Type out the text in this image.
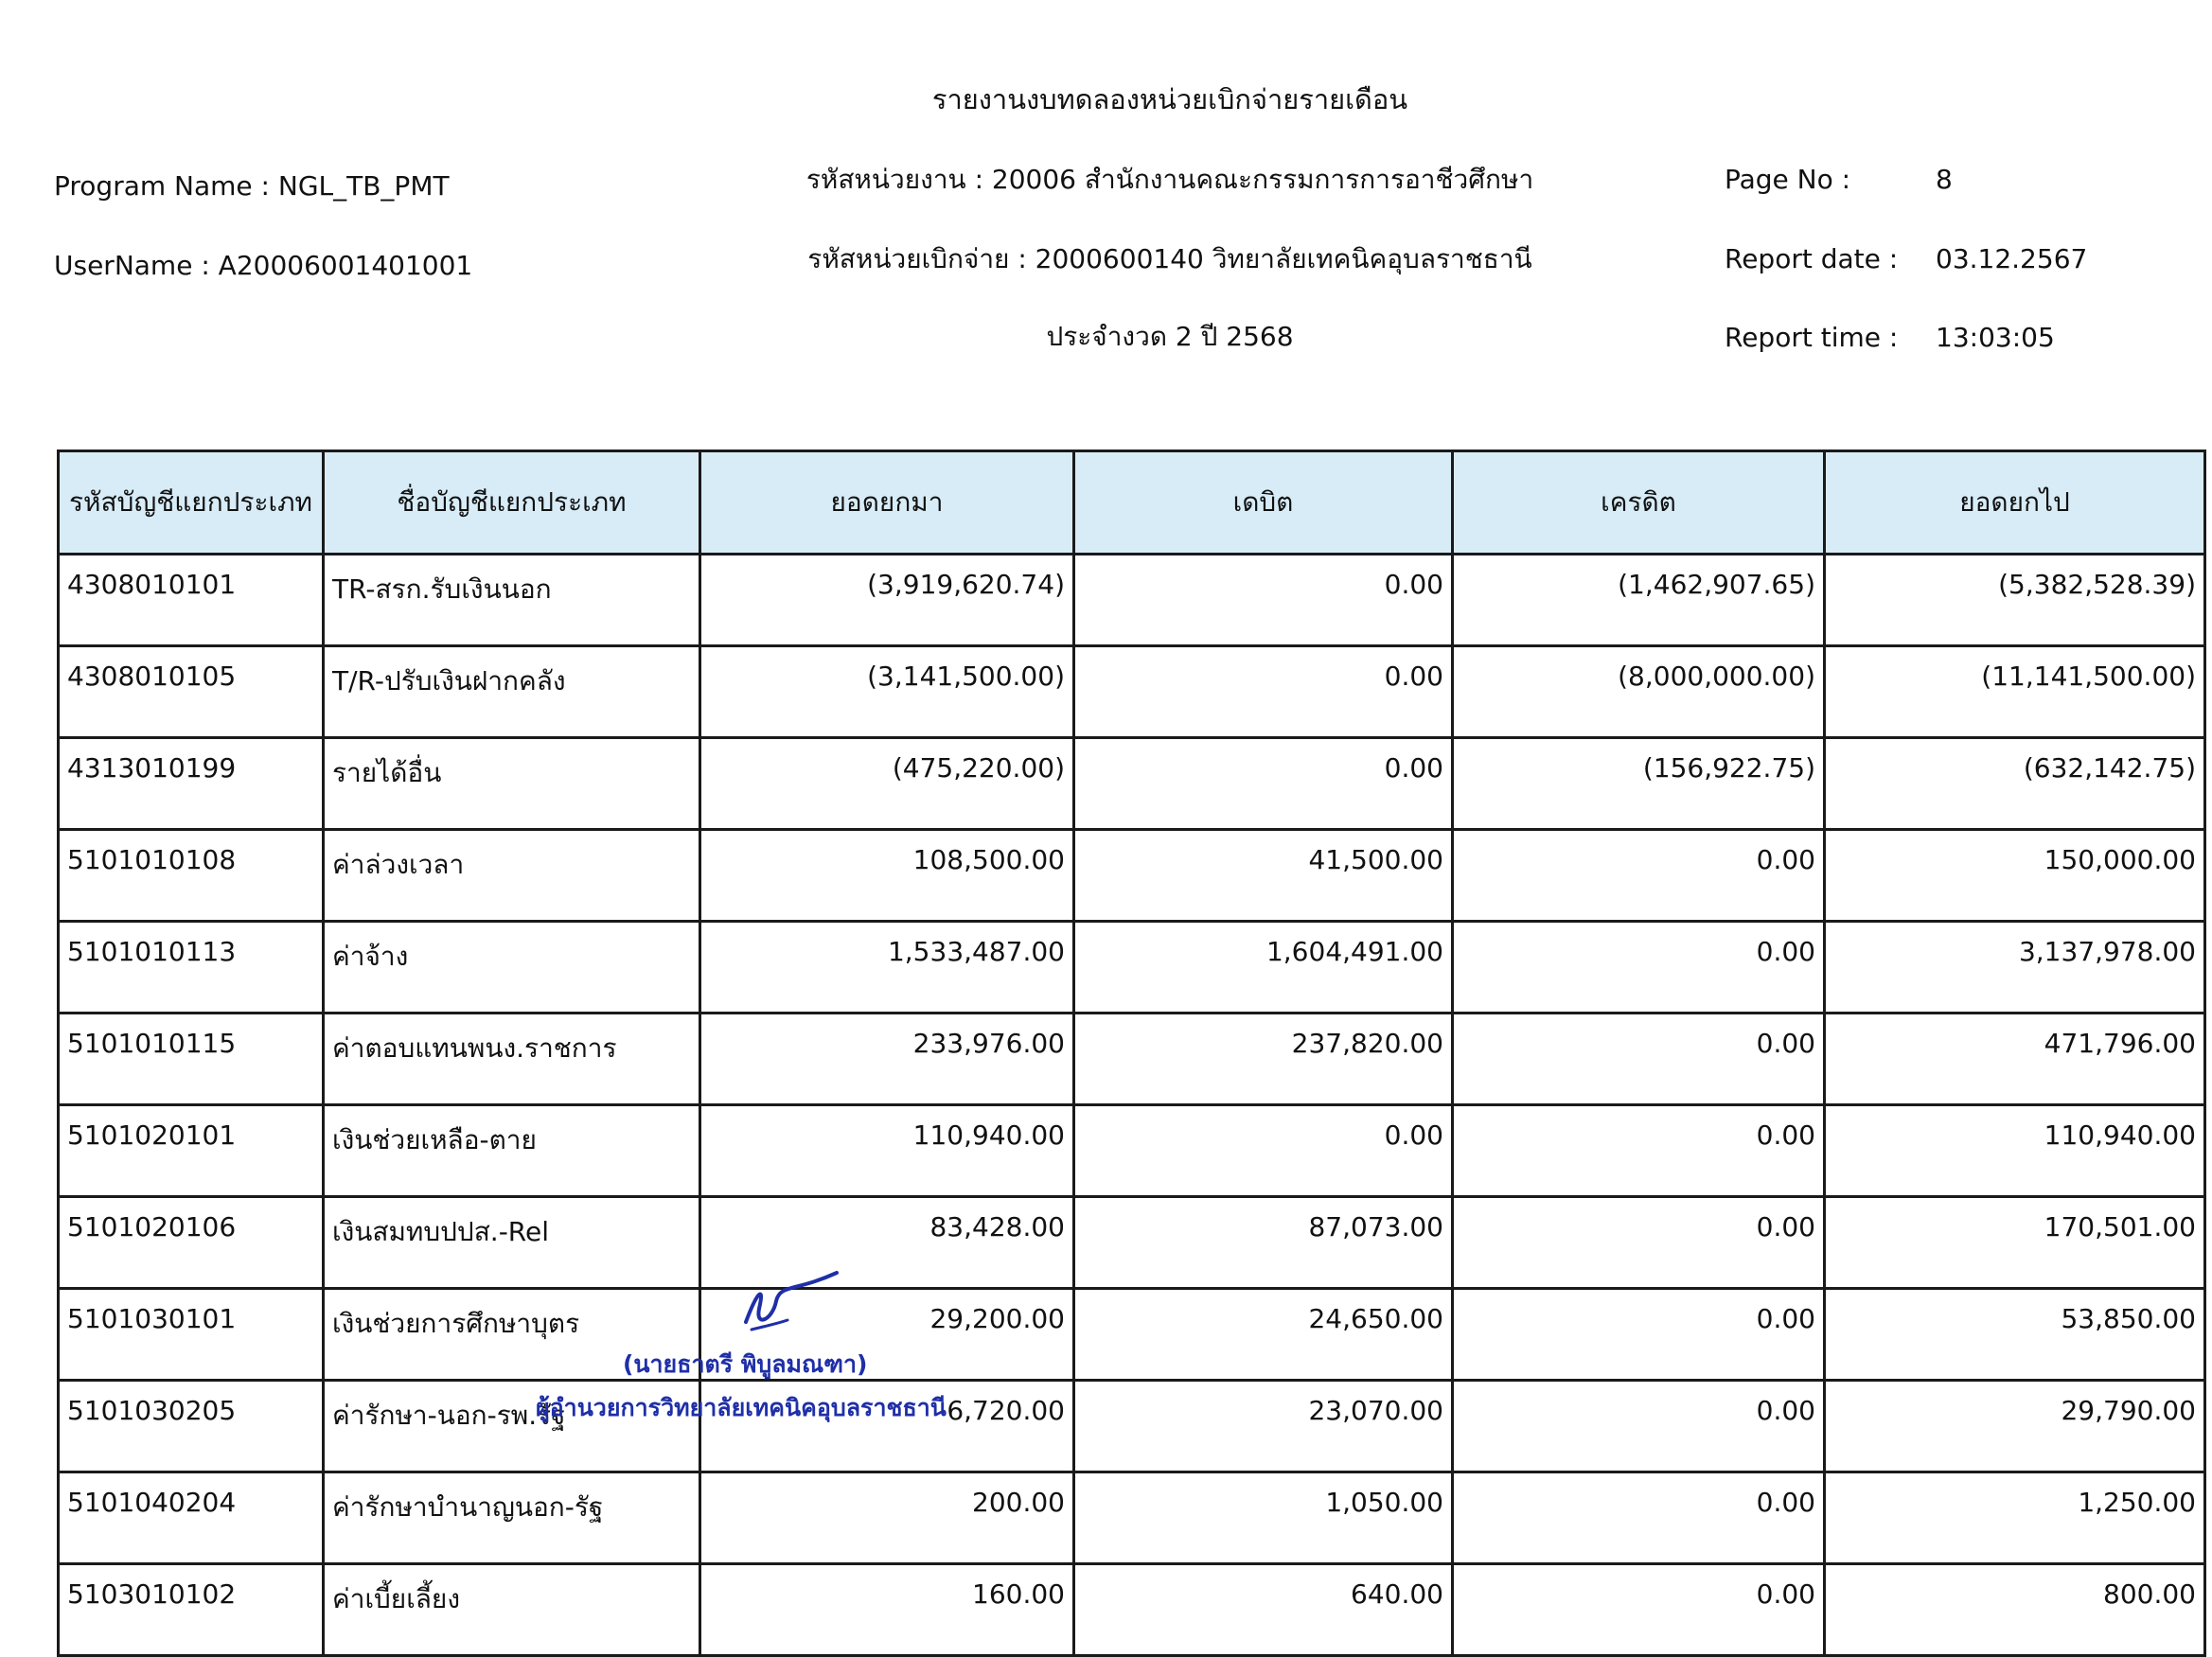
รายงานงบทดลองหน่วยเบิกจ่ายรายเดือน
รหัสหน่วยงาน : 20006 สำนักงานคณะกรรมการการอาชีวศึกษา
รหัสหน่วยเบิกจ่าย : 2000600140 วิทยาลัยเทคนิคอุบลราชธานี
ประจำงวด 2 ปี 2568
Program Name : NGL_TB_PMT
UserName : A20006001401001
Page No :	8
Report date : 03.12.2567
Report time : 13:03:05
รหัสบัญชีแยกประเภท	ชื่อบัญชีแยกประเภท	ยอดยกมา	เดบิต	เครดิต	ยอดยกไป
4308010101	TR-สรก.รับเงินนอก	(3,919,620.74)	0.00	(1,462,907.65)	(5,382,528.39)
4308010105	T/R-ปรับเงินฝากคลัง	(3,141,500.00)	0.00	(8,000,000.00)	(11,141,500.00)
4313010199	รายได้อื่น	(475,220.00)	0.00	(156,922.75)	(632,142.75)
5101010108	ค่าล่วงเวลา	108,500.00	41,500.00	0.00	150,000.00
5101010113	ค่าจ้าง	1,533,487.00	1,604,491.00	0.00	3,137,978.00
5101010115	ค่าตอบแทนพนง.ราชการ	233,976.00	237,820.00	0.00	471,796.00
5101020101	เงินช่วยเหลือ-ตาย	110,940.00	0.00	0.00	110,940.00
5101020106	เงินสมทบปปส.-Rel	83,428.00	87,073.00	0.00	170,501.00
5101030101	เงินช่วยการศึกษาบุตร	29,200.00	24,650.00	0.00	53,850.00
5101030205	ค่ารักษา-นอก-รพ.รัฐ	6,720.00	23,070.00	0.00	29,790.00
5101040204	ค่ารักษาบำนาญนอก-รัฐ	200.00	1,050.00	0.00	1,250.00
5103010102	ค่าเบี้ยเลี้ยง	160.00	640.00	0.00	800.00
(นายธาตรี พิบูลมณฑา)
ผู้อำนวยการวิทยาลัยเทคนิคอุบลราชธานี
